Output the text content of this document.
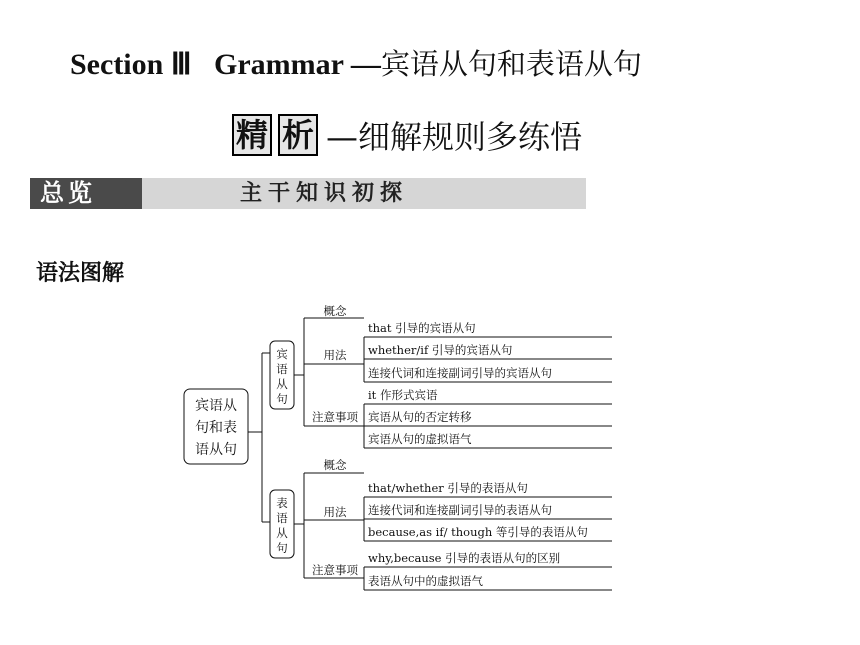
Section Ⅲ Grammar —宾语从句和表语从句
精 析 —细解规则多练悟
总览	主干知识初探
语法图解
宾语从
句和表
语从句
宾
语
从
句
概念
用法
注意事项
that 引导的宾语从句
whether/if 引导的宾语从句
连接代词和连接副词引导的宾语从句
it 作形式宾语
宾语从句的否定转移
宾语从句的虚拟语气
表
语
从
句
概念
用法
注意事项
that/whether 引导的表语从句
连接代词和连接副词引导的表语从句
because,as if/ though 等引导的表语从句
why,because 引导的表语从句的区别
表语从句中的虚拟语气
